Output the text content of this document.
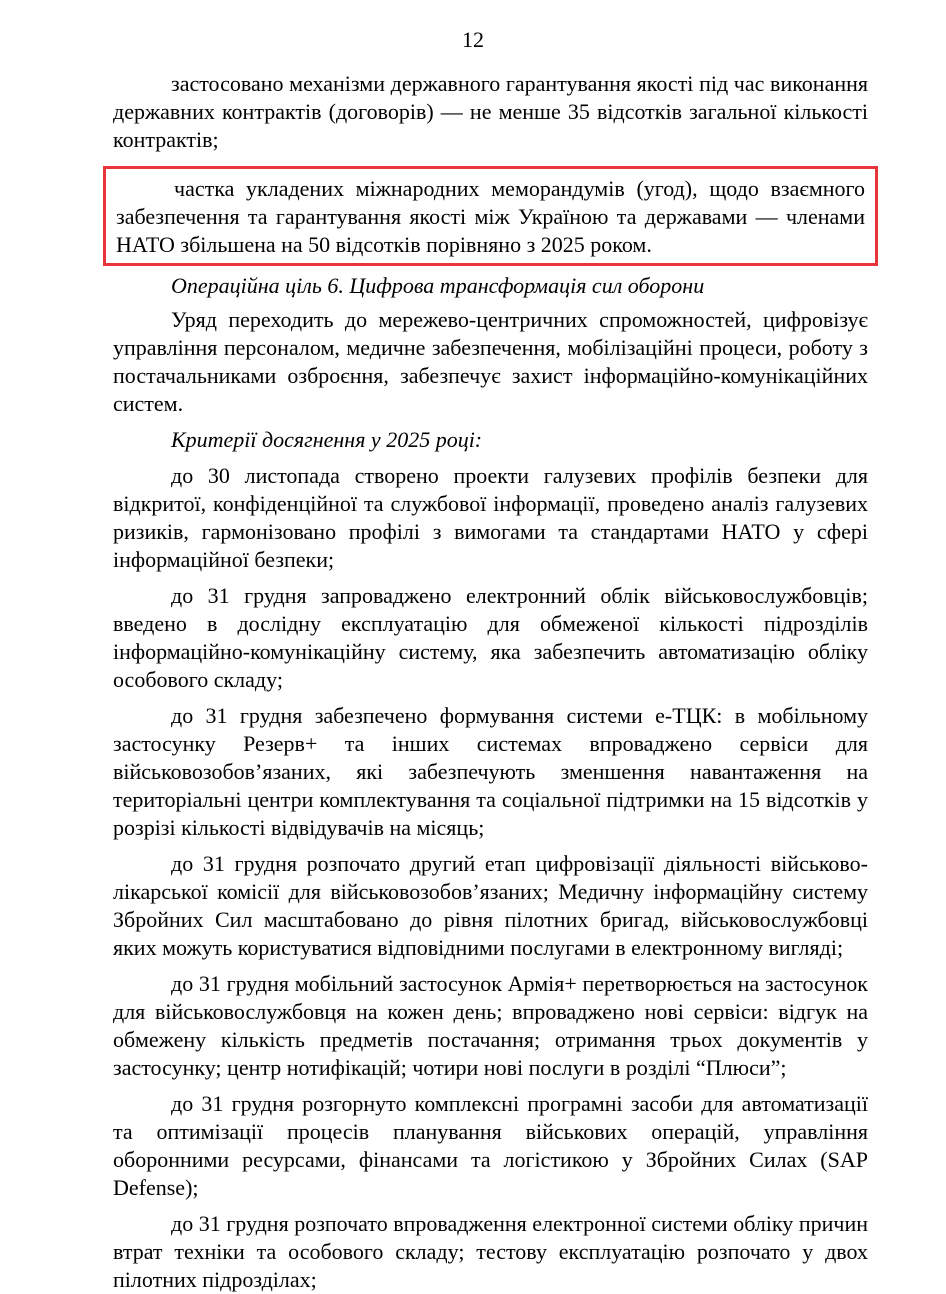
12

застосовано механізми державного гарантування якості під час виконання державних контрактів (договорів) — не менше 35 відсотків загальної кількості контрактів;

частка укладених міжнародних меморандумів (угод), щодо взаємного забезпечення та гарантування якості між Україною та державами — членами НАТО збільшена на 50 відсотків порівняно з 2025 роком.

Операційна ціль 6. Цифрова трансформація сил оборони

Уряд переходить до мережево-центричних спроможностей, цифровізує управління персоналом, медичне забезпечення, мобілізаційні процеси, роботу з постачальниками озброєння, забезпечує захист інформаційно-комунікаційних систем.

Критерії досягнення у 2025 році:

до 30 листопада створено проекти галузевих профілів безпеки для відкритої, конфіденційної та службової інформації, проведено аналіз галузевих ризиків, гармонізовано профілі з вимогами та стандартами НАТО у сфері інформаційної безпеки;

до 31 грудня запроваджено електронний облік військовослужбовців; введено в дослідну експлуатацію для обмеженої кількості підрозділів інформаційно-комунікаційну систему, яка забезпечить автоматизацію обліку особового складу;

до 31 грудня забезпечено формування системи е-ТЦК: в мобільному застосунку Резерв+ та інших системах впроваджено сервіси для військовозобов’язаних, які забезпечують зменшення навантаження на територіальні центри комплектування та соціальної підтримки на 15 відсотків у розрізі кількості відвідувачів на місяць;

до 31 грудня розпочато другий етап цифровізації діяльності військово-лікарської комісії для військовозобов’язаних; Медичну інформаційну систему Збройних Сил масштабовано до рівня пілотних бригад, військовослужбовці яких можуть користуватися відповідними послугами в електронному вигляді;

до 31 грудня мобільний застосунок Армія+ перетворюється на застосунок для військовослужбовця на кожен день; впроваджено нові сервіси: відгук на обмежену кількість предметів постачання; отримання трьох документів у застосунку; центр нотифікацій; чотири нові послуги в розділі “Плюси”;

до 31 грудня розгорнуто комплексні програмні засоби для автоматизації та оптимізації процесів планування військових операцій, управління оборонними ресурсами, фінансами та логістикою у Збройних Силах (SAP Defense);

до 31 грудня розпочато впровадження електронної системи обліку причин втрат техніки та особового складу; тестову експлуатацію розпочато у двох пілотних підрозділах;
